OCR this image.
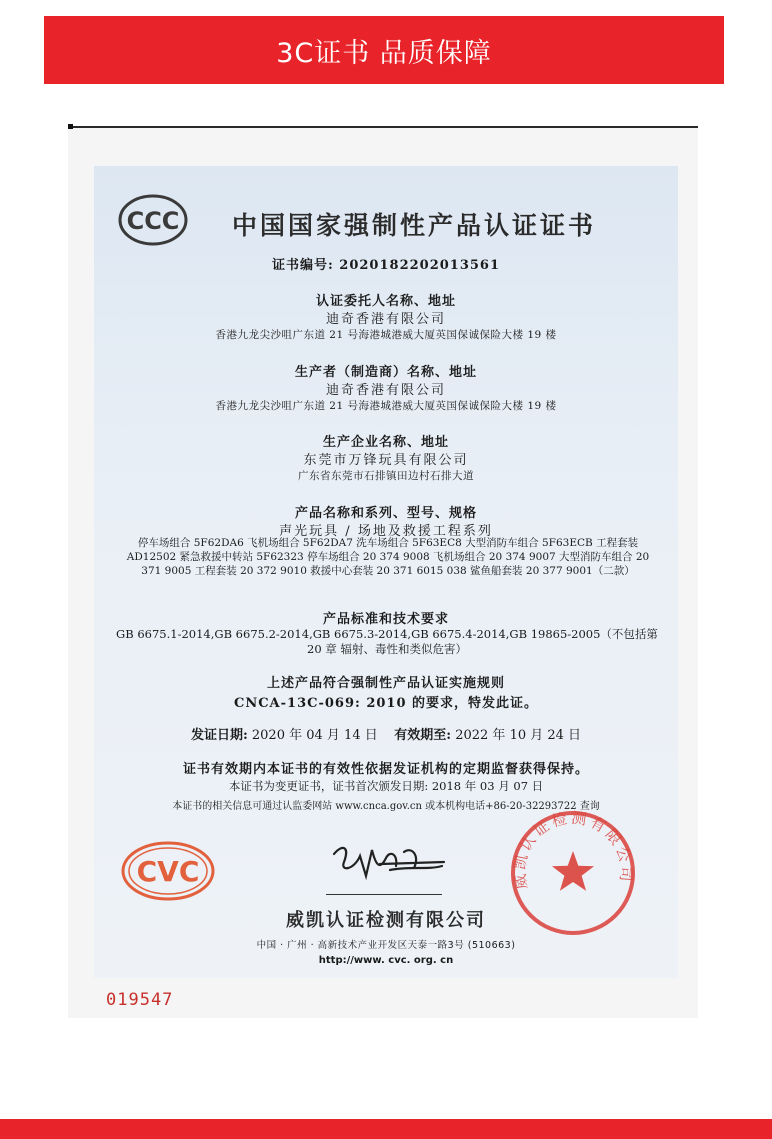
3C证书 品质保障
CCC 中国国家强制性产品认证证书
证书编号: 2020182202013561
认证委托人名称、地址
迪奇香港有限公司
香港九龙尖沙咀广东道 21 号海港城港威大厦英国保诚保险大楼 19 楼
生产者（制造商）名称、地址
迪奇香港有限公司
香港九龙尖沙咀广东道 21 号海港城港威大厦英国保诚保险大楼 19 楼
生产企业名称、地址
东莞市万锋玩具有限公司
广东省东莞市石排镇田边村石排大道
产品名称和系列、型号、规格
声光玩具 / 场地及救援工程系列
停车场组合 5F62DA6 飞机场组合 5F62DA7 洗车场组合 5F63EC8 大型消防车组合 5F63ECB 工程套装 AD12502 紧急救援中转站 5F62323 停车场组合 20 374 9008 飞机场组合 20 374 9007 大型消防车组合 20 371 9005 工程套装 20 372 9010 救援中心套装 20 371 6015 038 鲨鱼船套装 20 377 9001（二款）
产品标准和技术要求
GB 6675.1-2014,GB 6675.2-2014,GB 6675.3-2014,GB 6675.4-2014,GB 19865-2005（不包括第 20 章 辐射、毒性和类似危害）
上述产品符合强制性产品认证实施规则
CNCA-13C-069: 2010 的要求，特发此证。
发证日期: 2020 年 04 月 14 日 有效期至: 2022 年 10 月 24 日
证书有效期内本证书的有效性依据发证机构的定期监督获得保持。
本证书为变更证书，证书首次颁发日期: 2018 年 03 月 07 日
本证书的相关信息可通过认监委网站 www.cnca.gov.cn 或本机构电话+86-20-32293722 查询
CVC
威凯认证检测有限公司
中国 · 广州 · 高新技术产业开发区天泰一路3号 (510663)
http://www. cvc. org. cn
威凯认证检测有限公司
019547
